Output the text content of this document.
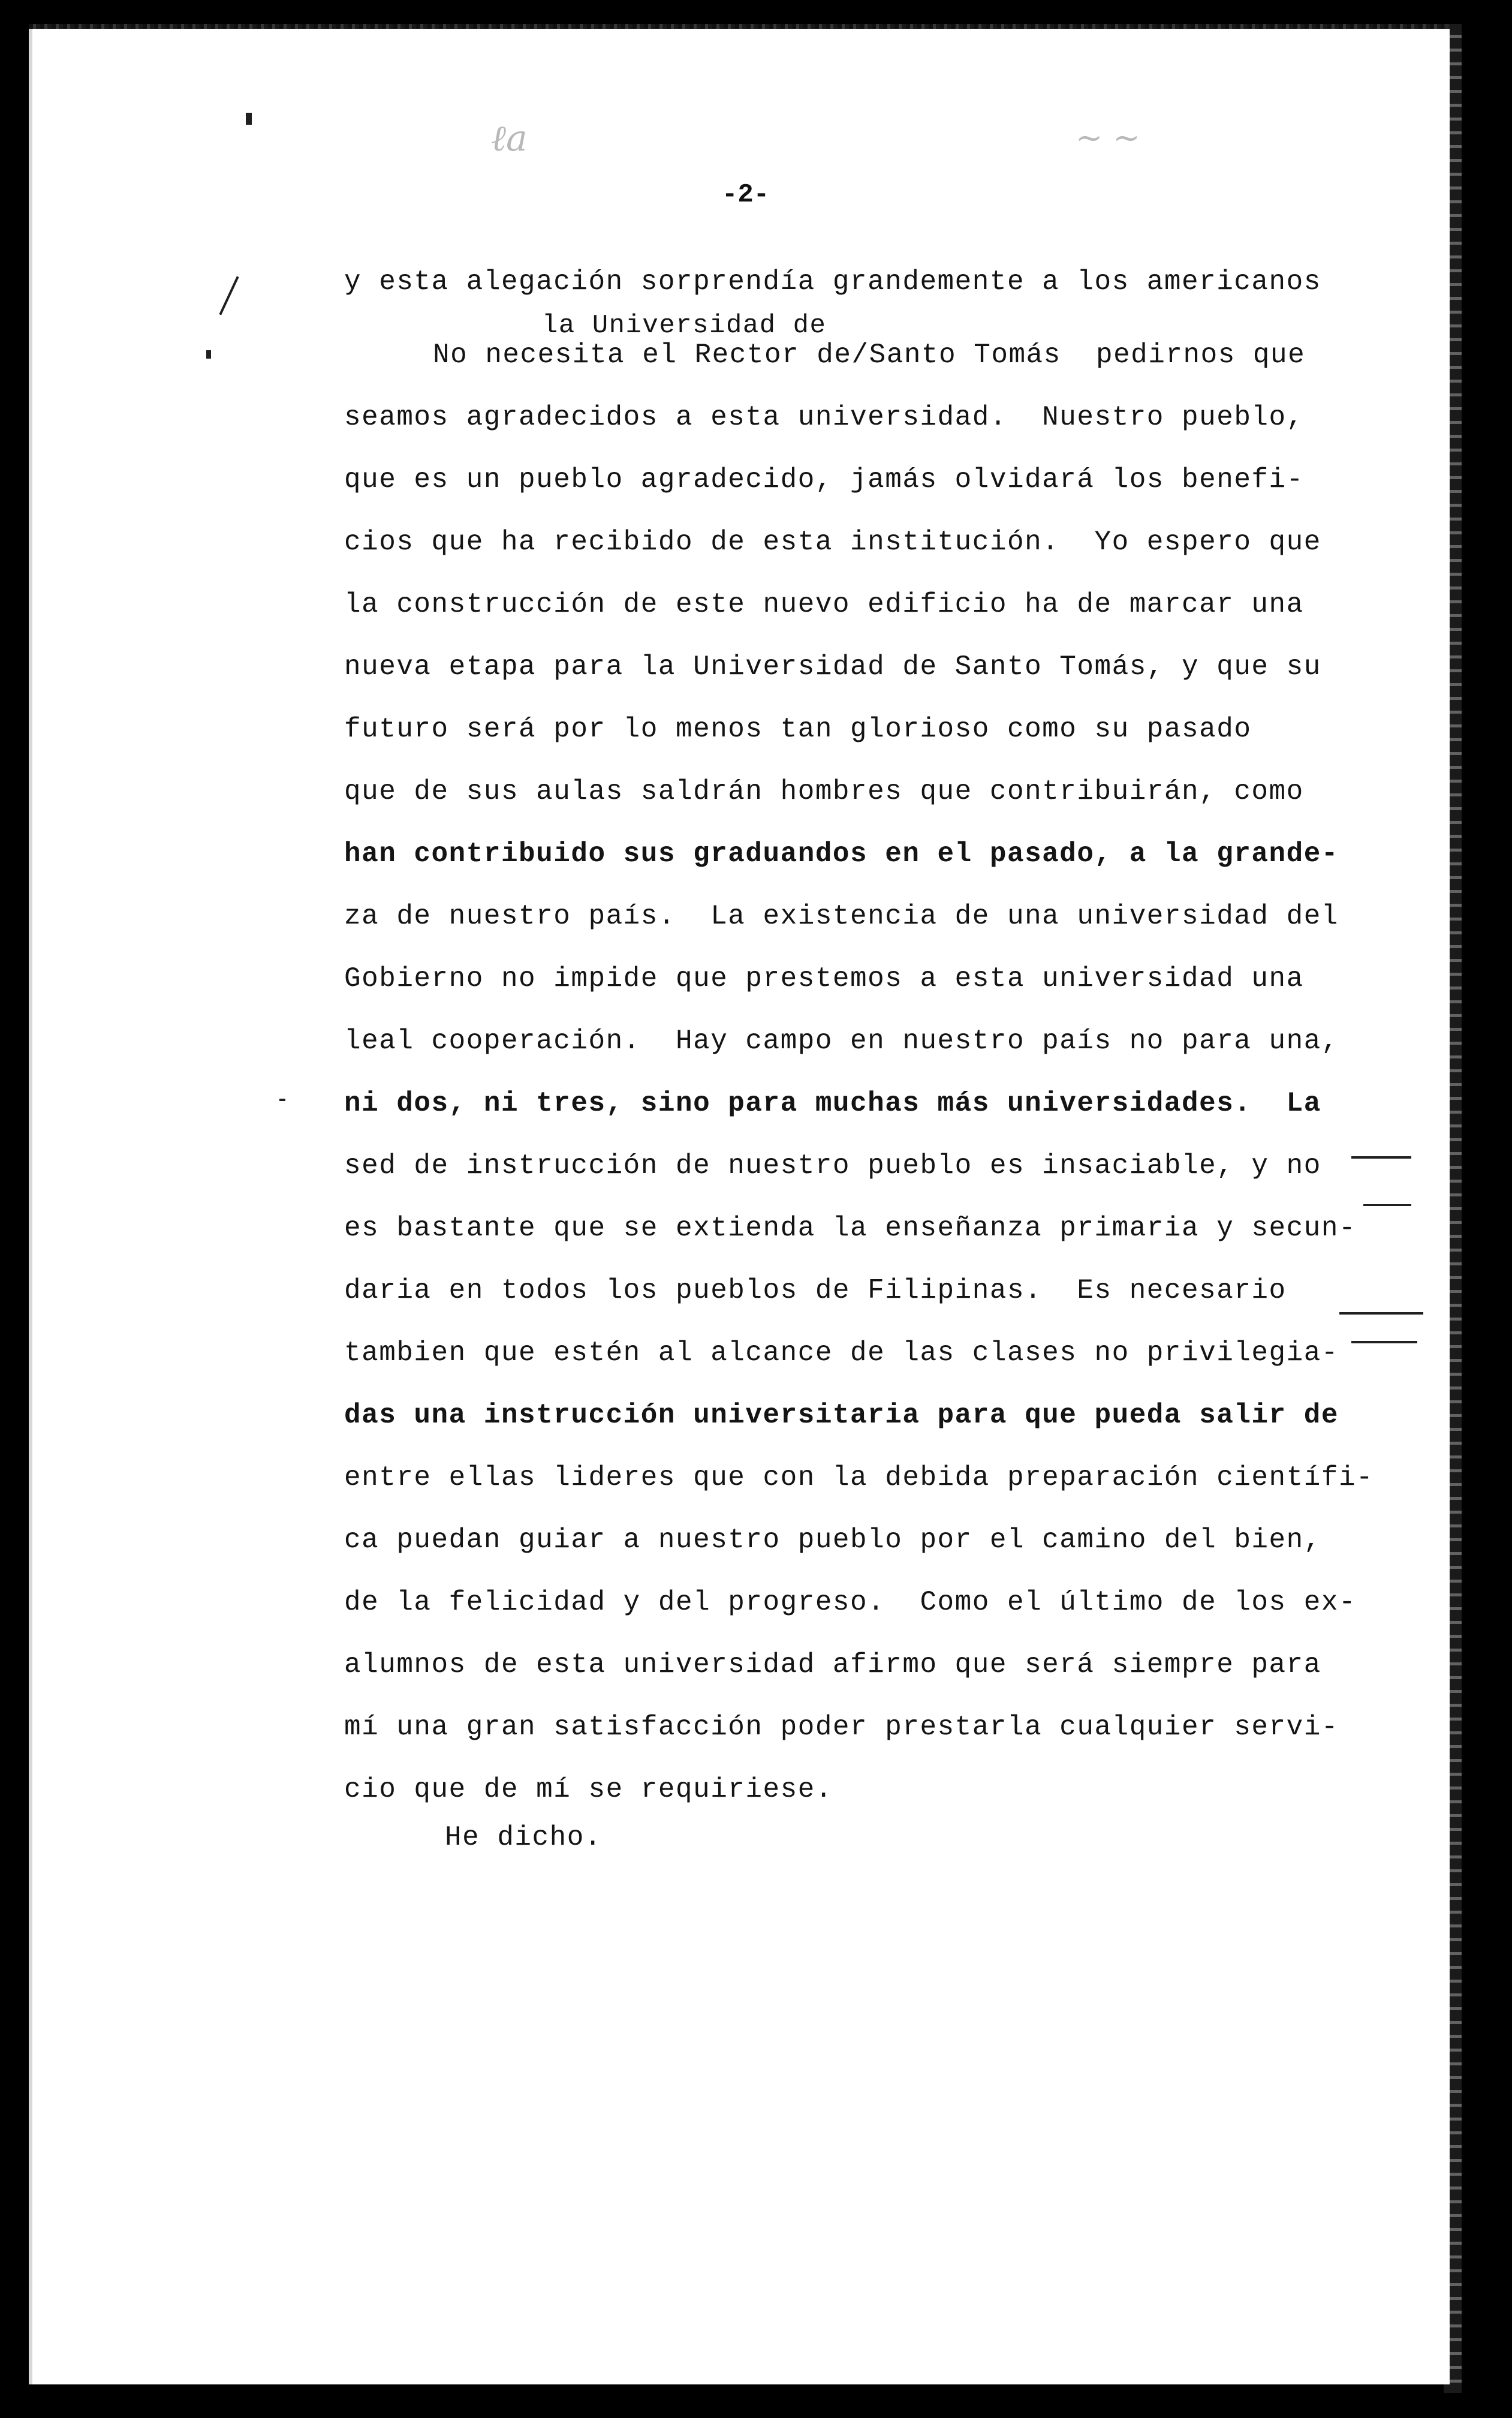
ℓa	∼ ∼
-2-
la Universidad de
y esta alegación sorprendía grandemente a los americanos
No necesita el Rector de/Santo Tomás  pedirnos que
seamos agradecidos a esta universidad.  Nuestro pueblo,
que es un pueblo agradecido, jamás olvidará los benefi-
cios que ha recibido de esta institución.  Yo espero que
la construcción de este nuevo edificio ha de marcar una
nueva etapa para la Universidad de Santo Tomás, y que su
futuro será por lo menos tan glorioso como su pasado
que de sus aulas saldrán hombres que contribuirán, como
han contribuido sus graduandos en el pasado, a la grande-
za de nuestro país.  La existencia de una universidad del
Gobierno no impide que prestemos a esta universidad una
leal cooperación.  Hay campo en nuestro país no para una,
ni dos, ni tres, sino para muchas más universidades.  La
sed de instrucción de nuestro pueblo es insaciable, y no
es bastante que se extienda la enseñanza primaria y secun-
daria en todos los pueblos de Filipinas.  Es necesario
tambien que estén al alcance de las clases no privilegia-
das una instrucción universitaria para que pueda salir de
entre ellas lideres que con la debida preparación científi-
ca puedan guiar a nuestro pueblo por el camino del bien,
de la felicidad y del progreso.  Como el último de los ex-
alumnos de esta universidad afirmo que será siempre para
mí una gran satisfacción poder prestarla cualquier servi-
cio que de mí se requiriese.
He dicho.
